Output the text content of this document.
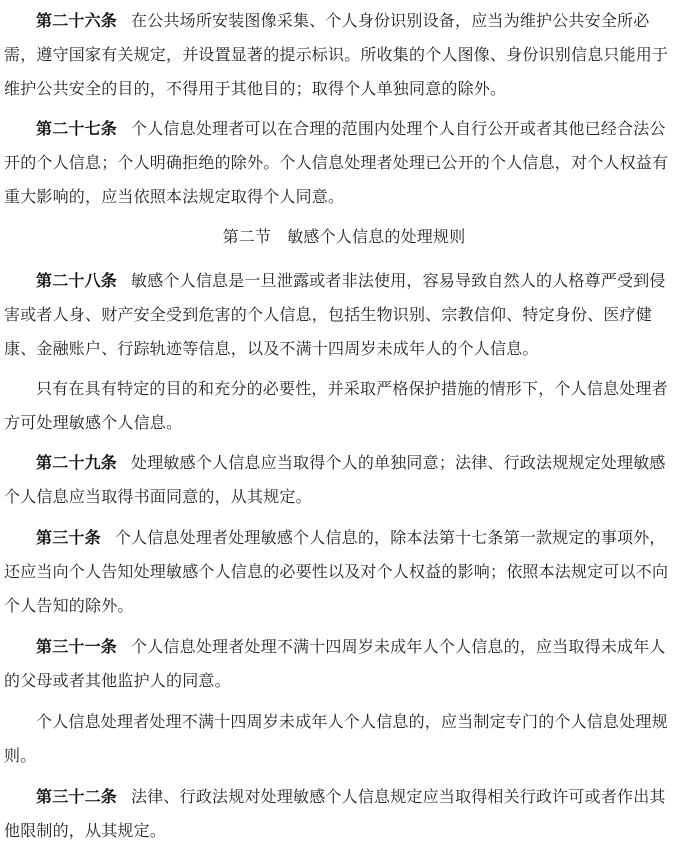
第二十六条 在公共场所安装图像采集、个人身份识别设备，应当为维护公共安全所必需，遵守国家有关规定，并设置显著的提示标识。所收集的个人图像、身份识别信息只能用于维护公共安全的目的，不得用于其他目的；取得个人单独同意的除外。

第二十七条 个人信息处理者可以在合理的范围内处理个人自行公开或者其他已经合法公开的个人信息；个人明确拒绝的除外。个人信息处理者处理已公开的个人信息，对个人权益有重大影响的，应当依照本法规定取得个人同意。

第二节 敏感个人信息的处理规则

第二十八条 敏感个人信息是一旦泄露或者非法使用，容易导致自然人的人格尊严受到侵害或者人身、财产安全受到危害的个人信息，包括生物识别、宗教信仰、特定身份、医疗健康、金融账户、行踪轨迹等信息，以及不满十四周岁未成年人的个人信息。

只有在具有特定的目的和充分的必要性，并采取严格保护措施的情形下，个人信息处理者方可处理敏感个人信息。

第二十九条 处理敏感个人信息应当取得个人的单独同意；法律、行政法规规定处理敏感个人信息应当取得书面同意的，从其规定。

第三十条 个人信息处理者处理敏感个人信息的，除本法第十七条第一款规定的事项外，还应当向个人告知处理敏感个人信息的必要性以及对个人权益的影响；依照本法规定可以不向个人告知的除外。

第三十一条 个人信息处理者处理不满十四周岁未成年人个人信息的，应当取得未成年人的父母或者其他监护人的同意。

个人信息处理者处理不满十四周岁未成年人个人信息的，应当制定专门的个人信息处理规则。

第三十二条 法律、行政法规对处理敏感个人信息规定应当取得相关行政许可或者作出其他限制的，从其规定。
